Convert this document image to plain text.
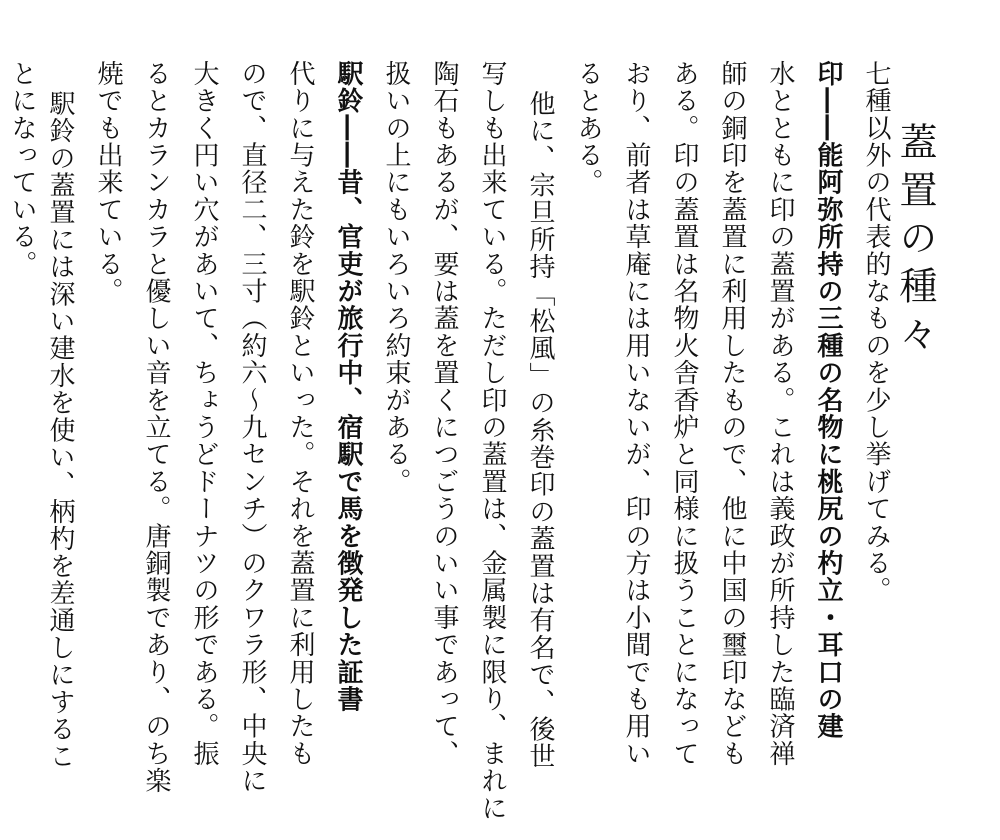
蓋置の種々
七種以外の代表的なものを少し挙げてみる。
印――能阿弥所持の三種の名物に桃尻の杓立・耳口の建
水とともに印の蓋置がある。これは義政が所持した臨済禅
師の銅印を蓋置に利用したもので、他に中国の璽印なども
ある。印の蓋置は名物火舎香炉と同様に扱うことになって
おり、前者は草庵には用いないが、印の方は小間でも用い
るとある。
他に、宗旦所持「松風」の糸巻印の蓋置は有名で、後世
写しも出来ている。ただし印の蓋置は、金属製に限り、まれに
陶石もあるが、要は蓋を置くにつごうのいい事であって、
扱いの上にもいろいろ約束がある。
駅鈴――昔、官吏が旅行中、宿駅で馬を徴発した証書
代りに与えた鈴を駅鈴といった。それを蓋置に利用したも
ので、直径二、三寸（約六～九センチ）のクワラ形、中央に
大きく円い穴があいて、ちょうどドーナツの形である。振
るとカランカラと優しい音を立てる。唐銅製であり、のち楽
焼でも出来ている。
駅鈴の蓋置には深い建水を使い、柄杓を差通しにするこ
とになっている。
